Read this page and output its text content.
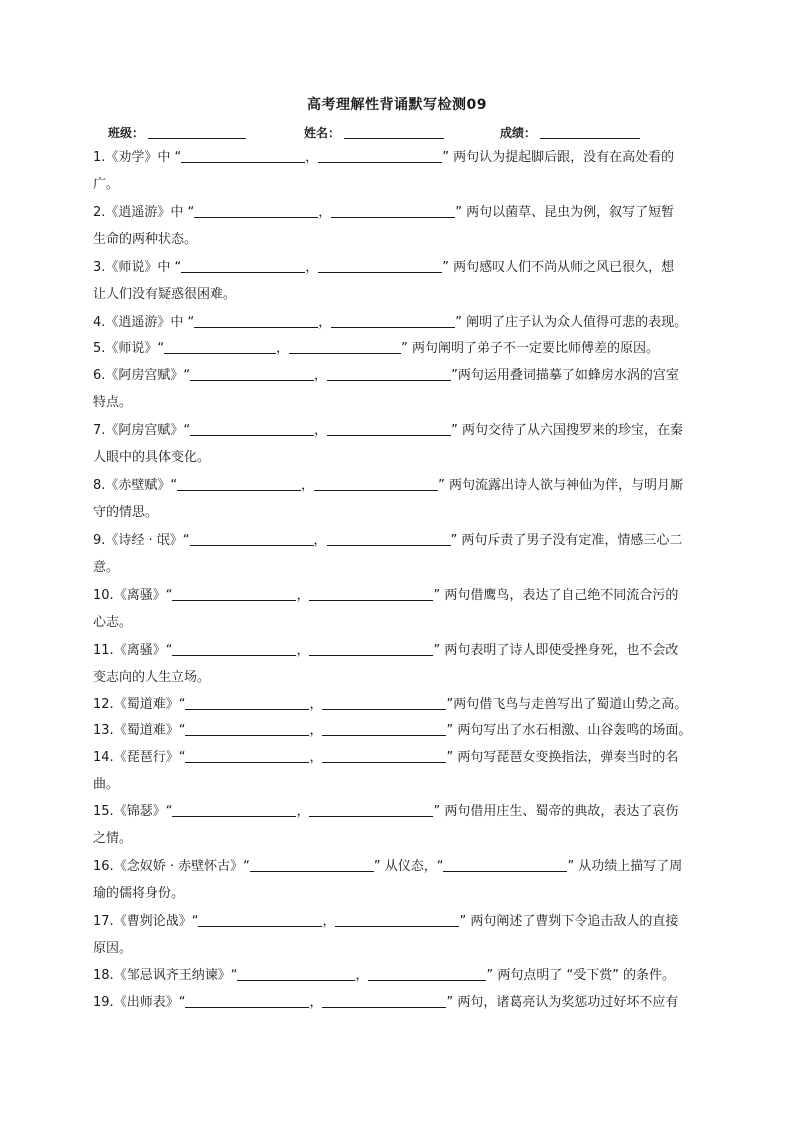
高考理解性背诵默写检测09
班级：	姓名：	成绩：
1.《劝学》中 “	，	” 两句认为提起脚后跟，没有在高处看的
广。
2.《逍遥游》中 “	，	” 两句以菌草、昆虫为例，叙写了短暂
生命的两种状态。
3.《师说》中 “	，	” 两句感叹人们不尚从师之风已很久，想
让人们没有疑惑很困难。
4.《逍遥游》中 “	，	” 阐明了庄子认为众人值得可悲的表现。
5.《师说》“	，	” 两句阐明了弟子不一定要比师傅差的原因。
6.《阿房宫赋》“	，	”两句运用叠词描摹了如蜂房水涡的宫室
特点。
7.《阿房宫赋》“	，	” 两句交待了从六国搜罗来的珍宝，在秦
人眼中的具体变化。
8.《赤壁赋》“	，	” 两句流露出诗人欲与神仙为伴，与明月厮
守的情思。
9.《诗经 · 氓》“	，	” 两句斥责了男子没有定准，情感三心二
意。
10.《离骚》“	，	” 两句借鹰鸟，表达了自己绝不同流合污的
心志。
11.《离骚》“	，	” 两句表明了诗人即使受挫身死，也不会改
变志向的人生立场。
12.《蜀道难》“	，	”两句借飞鸟与走兽写出了蜀道山势之高。
13.《蜀道难》“	，	” 两句写出了水石相激、山谷轰鸣的场面。
14.《琵琶行》“	，	” 两句写琵琶女变换指法，弹奏当时的名
曲。
15.《锦瑟》“	，	” 两句借用庄生、蜀帝的典故，表达了哀伤
之情。
16.《念奴娇 · 赤壁怀古》“	” 从仪态，“	” 从功绩上描写了周
瑜的儒将身份。
17.《曹刿论战》“	，	” 两句阐述了曹刿下令追击敌人的直接
原因。
18.《邹忌讽齐王纳谏》“	，	” 两句点明了 “受下赏” 的条件。
19.《出师表》“	，	” 两句，诸葛亮认为奖惩功过好坏不应有
